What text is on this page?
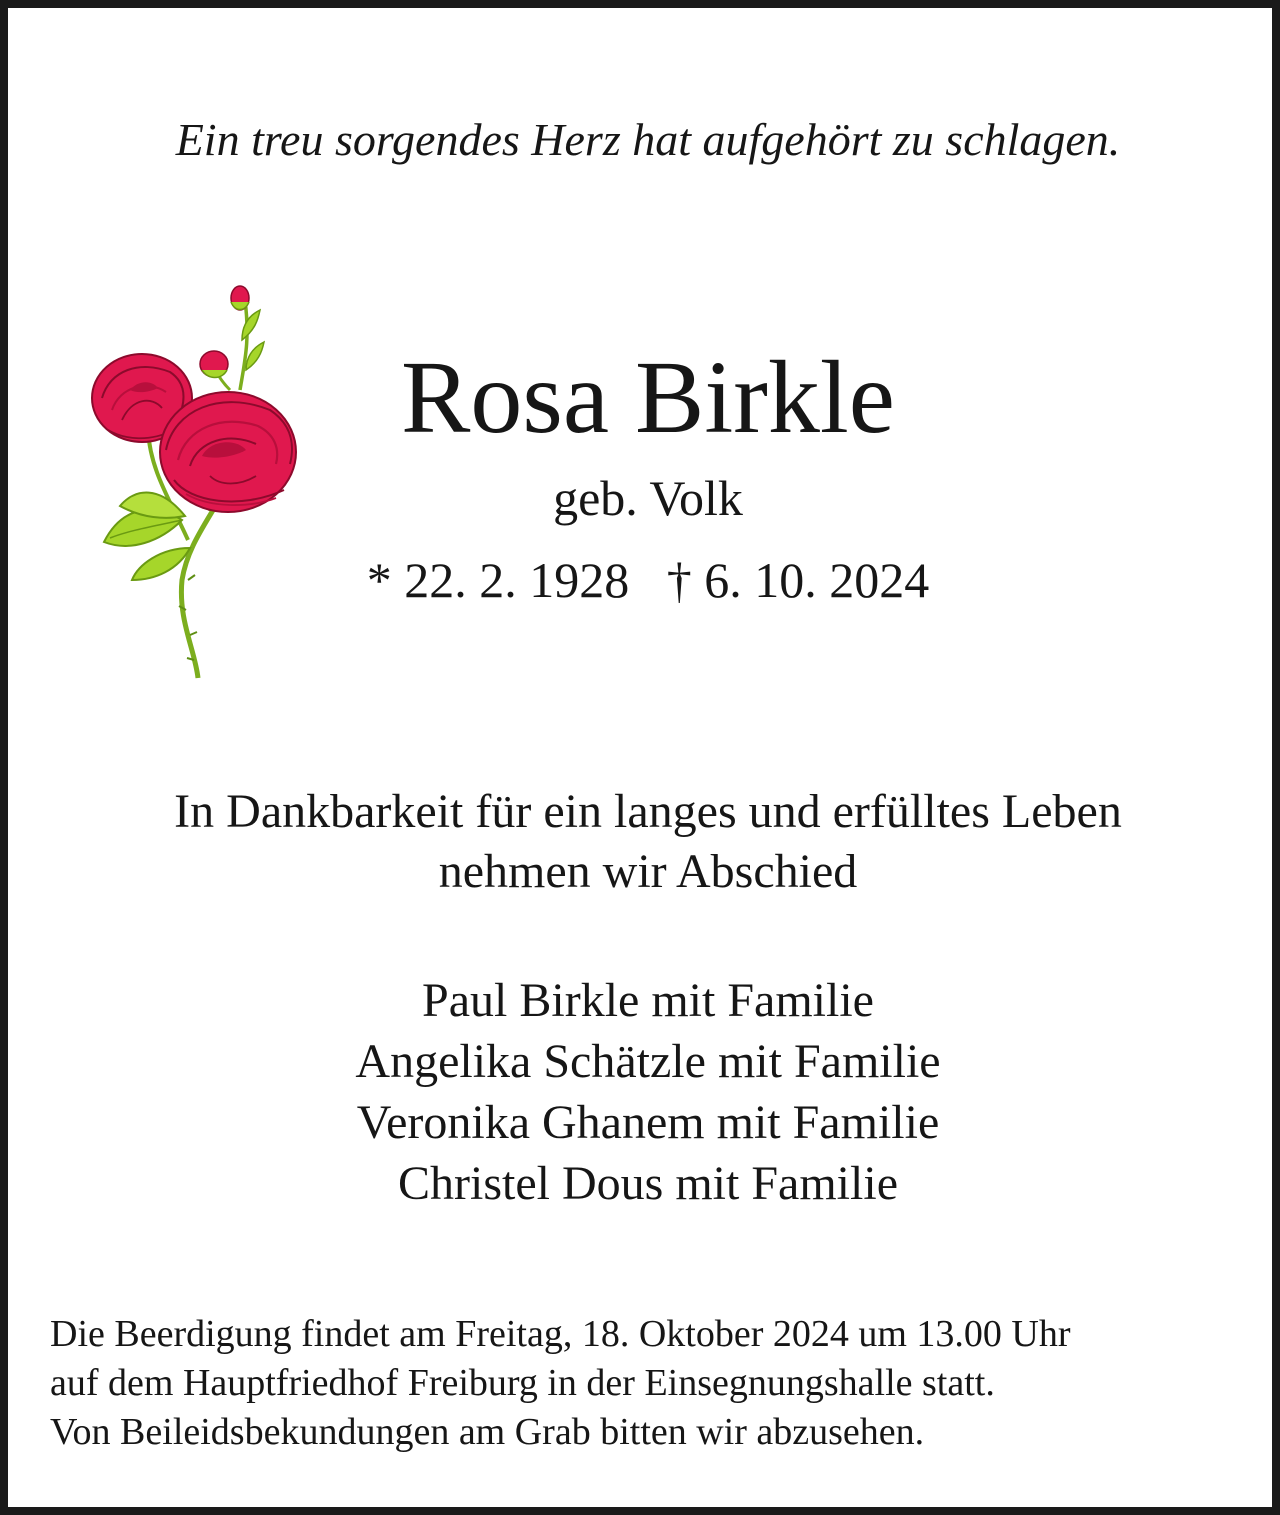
Ein treu sorgendes Herz hat aufgehört zu schlagen.
Rosa Birkle
geb. Volk
* 22. 2. 1928 † 6. 10. 2024
In Dankbarkeit für ein langes und erfülltes Leben
nehmen wir Abschied
Paul Birkle mit Familie
Angelika Schätzle mit Familie
Veronika Ghanem mit Familie
Christel Dous mit Familie
Die Beerdigung findet am Freitag, 18. Oktober 2024 um 13.00 Uhr
auf dem Hauptfriedhof Freiburg in der Einsegnungshalle statt.
Von Beileidsbekundungen am Grab bitten wir abzusehen.
